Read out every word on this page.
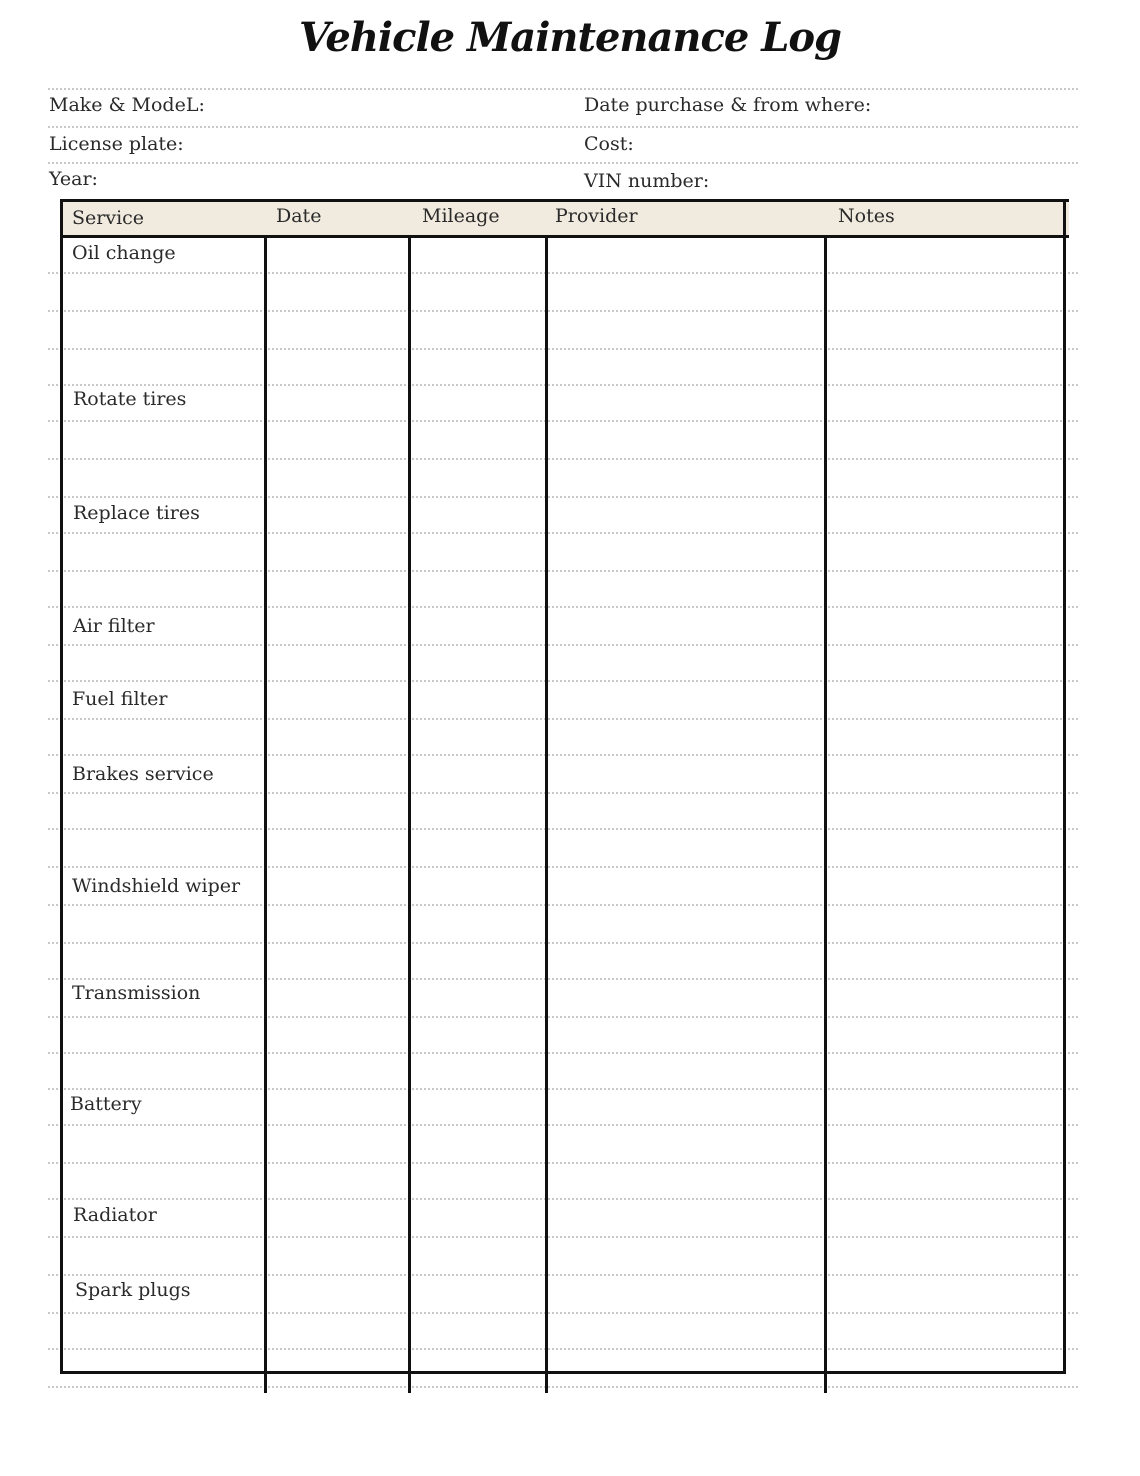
Vehicle Maintenance Log
Make & ModeL:
License plate:
Year:
Date purchase & from where:
Cost:
VIN number:
Service	Date	Mileage	Provider	Notes
Oil change
Rotate tires
Replace tires
Air filter
Fuel filter
Brakes service
Windshield wiper
Transmission
Battery
Radiator
Spark plugs
